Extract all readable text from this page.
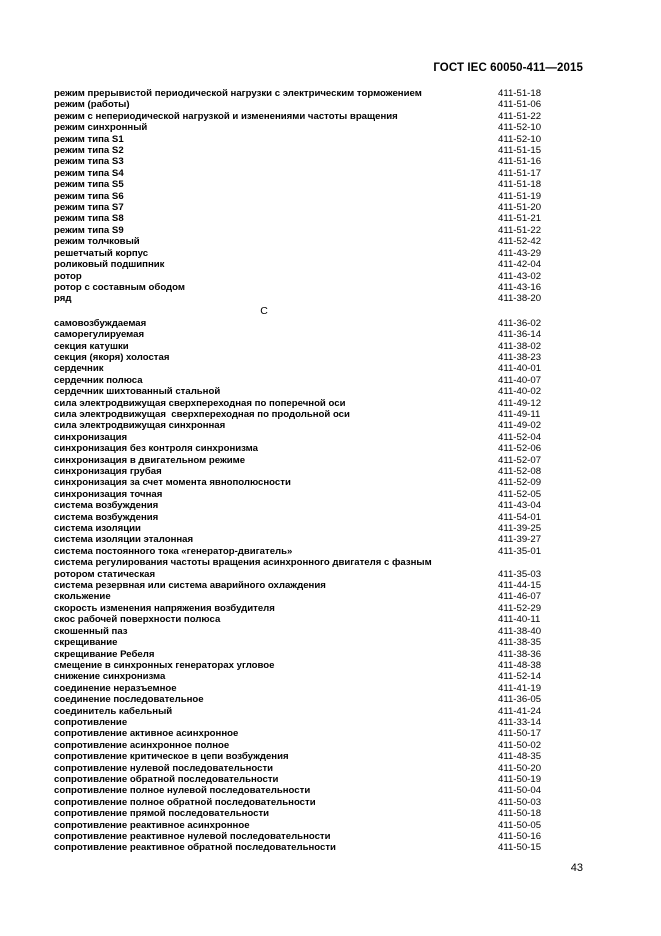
ГОСТ IEC 60050-411—2015
режим прерывистой периодической нагрузки с электрическим торможением	411-51-18
режим (работы)	411-51-06
режим с непериодической нагрузкой и изменениями частоты вращения	411-51-22
режим синхронный	411-52-10
режим типа S1	411-52-10
режим типа S2	411-51-15
режим типа S3	411-51-16
режим типа S4	411-51-17
режим типа S5	411-51-18
режим типа S6	411-51-19
режим типа S7	411-51-20
режим типа S8	411-51-21
режим типа S9	411-51-22
режим толчковый	411-52-42
решетчатый корпус	411-43-29
роликовый подшипник	411-42-04
ротор	411-43-02
ротор с составным ободом	411-43-16
ряд	411-38-20
С
самовозбуждаемая	411-36-02
саморегулируемая	411-36-14
секция катушки	411-38-02
секция (якоря) холостая	411-38-23
сердечник	411-40-01
сердечник полюса	411-40-07
сердечник шихтованный стальной	411-40-02
сила электродвижущая сверхпереходная по поперечной оси	411-49-12
сила электродвижущая  сверхпереходная по продольной оси	411-49-11
сила электродвижущая синхронная	411-49-02
синхронизация	411-52-04
синхронизация без контроля синхронизма	411-52-06
синхронизация в двигательном режиме	411-52-07
синхронизация грубая	411-52-08
синхронизация за счет момента явнополюсности	411-52-09
синхронизация точная	411-52-05
система возбуждения	411-43-04
система возбуждения	411-54-01
система изоляции	411-39-25
система изоляции эталонная	411-39-27
система постоянного тока «генератор-двигатель»	411-35-01
система регулирования частоты вращения асинхронного двигателя с фазным
ротором статическая	411-35-03
система резервная или система аварийного охлаждения	411-44-15
скольжение	411-46-07
скорость изменения напряжения возбудителя	411-52-29
скос рабочей поверхности полюса	411-40-11
скошенный паз	411-38-40
скрещивание	411-38-35
скрещивание Ребеля	411-38-36
смещение в синхронных генераторах угловое	411-48-38
снижение синхронизма	411-52-14
соединение неразъемное	411-41-19
соединение последовательное	411-36-05
соединитель кабельный	411-41-24
сопротивление	411-33-14
сопротивление активное асинхронное	411-50-17
сопротивление асинхронное полное	411-50-02
сопротивление критическое в цепи возбуждения	411-48-35
сопротивление нулевой последовательности	411-50-20
сопротивление обратной последовательности	411-50-19
сопротивление полное нулевой последовательности	411-50-04
сопротивление полное обратной последовательности	411-50-03
сопротивление прямой последовательности	411-50-18
сопротивление реактивное асинхронное	411-50-05
сопротивление реактивное нулевой последовательности	411-50-16
сопротивление реактивное обратной последовательности	411-50-15
43
